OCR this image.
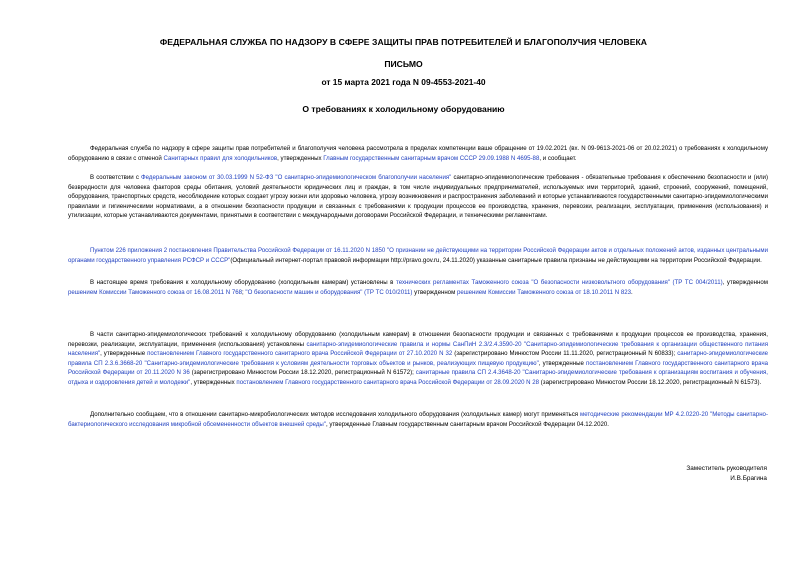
ФЕДЕРАЛЬНАЯ СЛУЖБА ПО НАДЗОРУ В СФЕРЕ ЗАЩИТЫ ПРАВ ПОТРЕБИТЕЛЕЙ И БЛАГОПОЛУЧИЯ ЧЕЛОВЕКА
ПИСЬМО
от 15 марта 2021 года N 09-4553-2021-40
О требованиях к холодильному оборудованию
Федеральная служба по надзору в сфере защиты прав потребителей и благополучия человека рассмотрела в пределах компетенции ваше обращение от 19.02.2021 (вх. N 09-9613-2021-06 от 20.02.2021) о требованиях к холодильному оборудованию в связи с отменой Санитарных правил для холодильников, утвержденных Главным государственным санитарным врачом СССР 29.09.1988 N 4695-88, и сообщает.
В соответствии с Федеральным законом от 30.03.1999 N 52-ФЗ "О санитарно-эпидемиологическом благополучии населения" санитарно-эпидемиологические требования - обязательные требования к обеспечению безопасности и (или) безвредности для человека факторов среды обитания, условий деятельности юридических лиц и граждан, в том числе индивидуальных предпринимателей, используемых ими территорий, зданий, строений, сооружений, помещений, оборудования, транспортных средств, несоблюдение которых создает угрозу жизни или здоровью человека, угрозу возникновения и распространения заболеваний и которые устанавливаются государственными санитарно-эпидемиологическими правилами и гигиеническими нормативами, а в отношении безопасности продукции и связанных с требованиями к продукции процессов ее производства, хранения, перевозки, реализации, эксплуатации, применения (использования) и утилизации, которые устанавливаются документами, принятыми в соответствии с международными договорами Российской Федерации, и техническими регламентами.
Пунктом 226 приложения 2 постановления Правительства Российской Федерации от 16.11.2020 N 1850 "О признании не действующими на территории Российской Федерации актов и отдельных положений актов, изданных центральными органами государственного управления РСФСР и СССР"(Официальный интернет-портал правовой информации http://pravo.gov.ru, 24.11.2020) указанные санитарные правила признаны не действующими на территории Российской Федерации.
В настоящее время требования к холодильному оборудованию (холодильным камерам) установлены в технических регламентах Таможенного союза "О безопасности низковольтного оборудования" (ТР ТС 004/2011), утвержденном решением Комиссии Таможенного союза от 16.08.2011 N 768; "О безопасности машин и оборудования" (ТР ТС 010/2011) утвержденном решением Комиссии Таможенного союза от 18.10.2011 N 823.
В части санитарно-эпидемиологических требований к холодильному оборудованию (холодильным камерам) в отношении безопасности продукции и связанных с требованиями к продукции процессов ее производства, хранения, перевозки, реализации, эксплуатации, применения (использования) установлены санитарно-эпидемиологические правила и нормы СанПиН 2.3/2.4.3590-20 "Санитарно-эпидемиологические требования к организации общественного питания населения", утвержденные постановлением Главного государственного санитарного врача Российской Федерации от 27.10.2020 N 32 (зарегистрировано Минюстом России 11.11.2020, регистрационный N 60833); санитарно-эпидемиологические правила СП 2.3.6.3668-20 "Санитарно-эпидемиологические требования к условиям деятельности торговых объектов и рынков, реализующих пищевую продукцию", утвержденные постановлением Главного государственного санитарного врача Российской Федерации от 20.11.2020 N 36 (зарегистрировано Минюстом России 18.12.2020, регистрационный N 61572); санитарные правила СП 2.4.3648-20 "Санитарно-эпидемиологические требования к организациям воспитания и обучения, отдыха и оздоровления детей и молодежи", утвержденных постановлением Главного государственного санитарного врача Российской Федерации от 28.09.2020 N 28 (зарегистрировано Минюстом России 18.12.2020, регистрационный N 61573).
Дополнительно сообщаем, что в отношении санитарно-микробиологических методов исследования холодильного оборудования (холодильных камер) могут применяться методические рекомендации МР 4.2.0220-20 "Методы санитарно-бактериологического исследования микробной обсемененности объектов внешней среды", утвержденные Главным государственным санитарным врачом Российской Федерации 04.12.2020.
Заместитель руководителя
И.В.Брагина
